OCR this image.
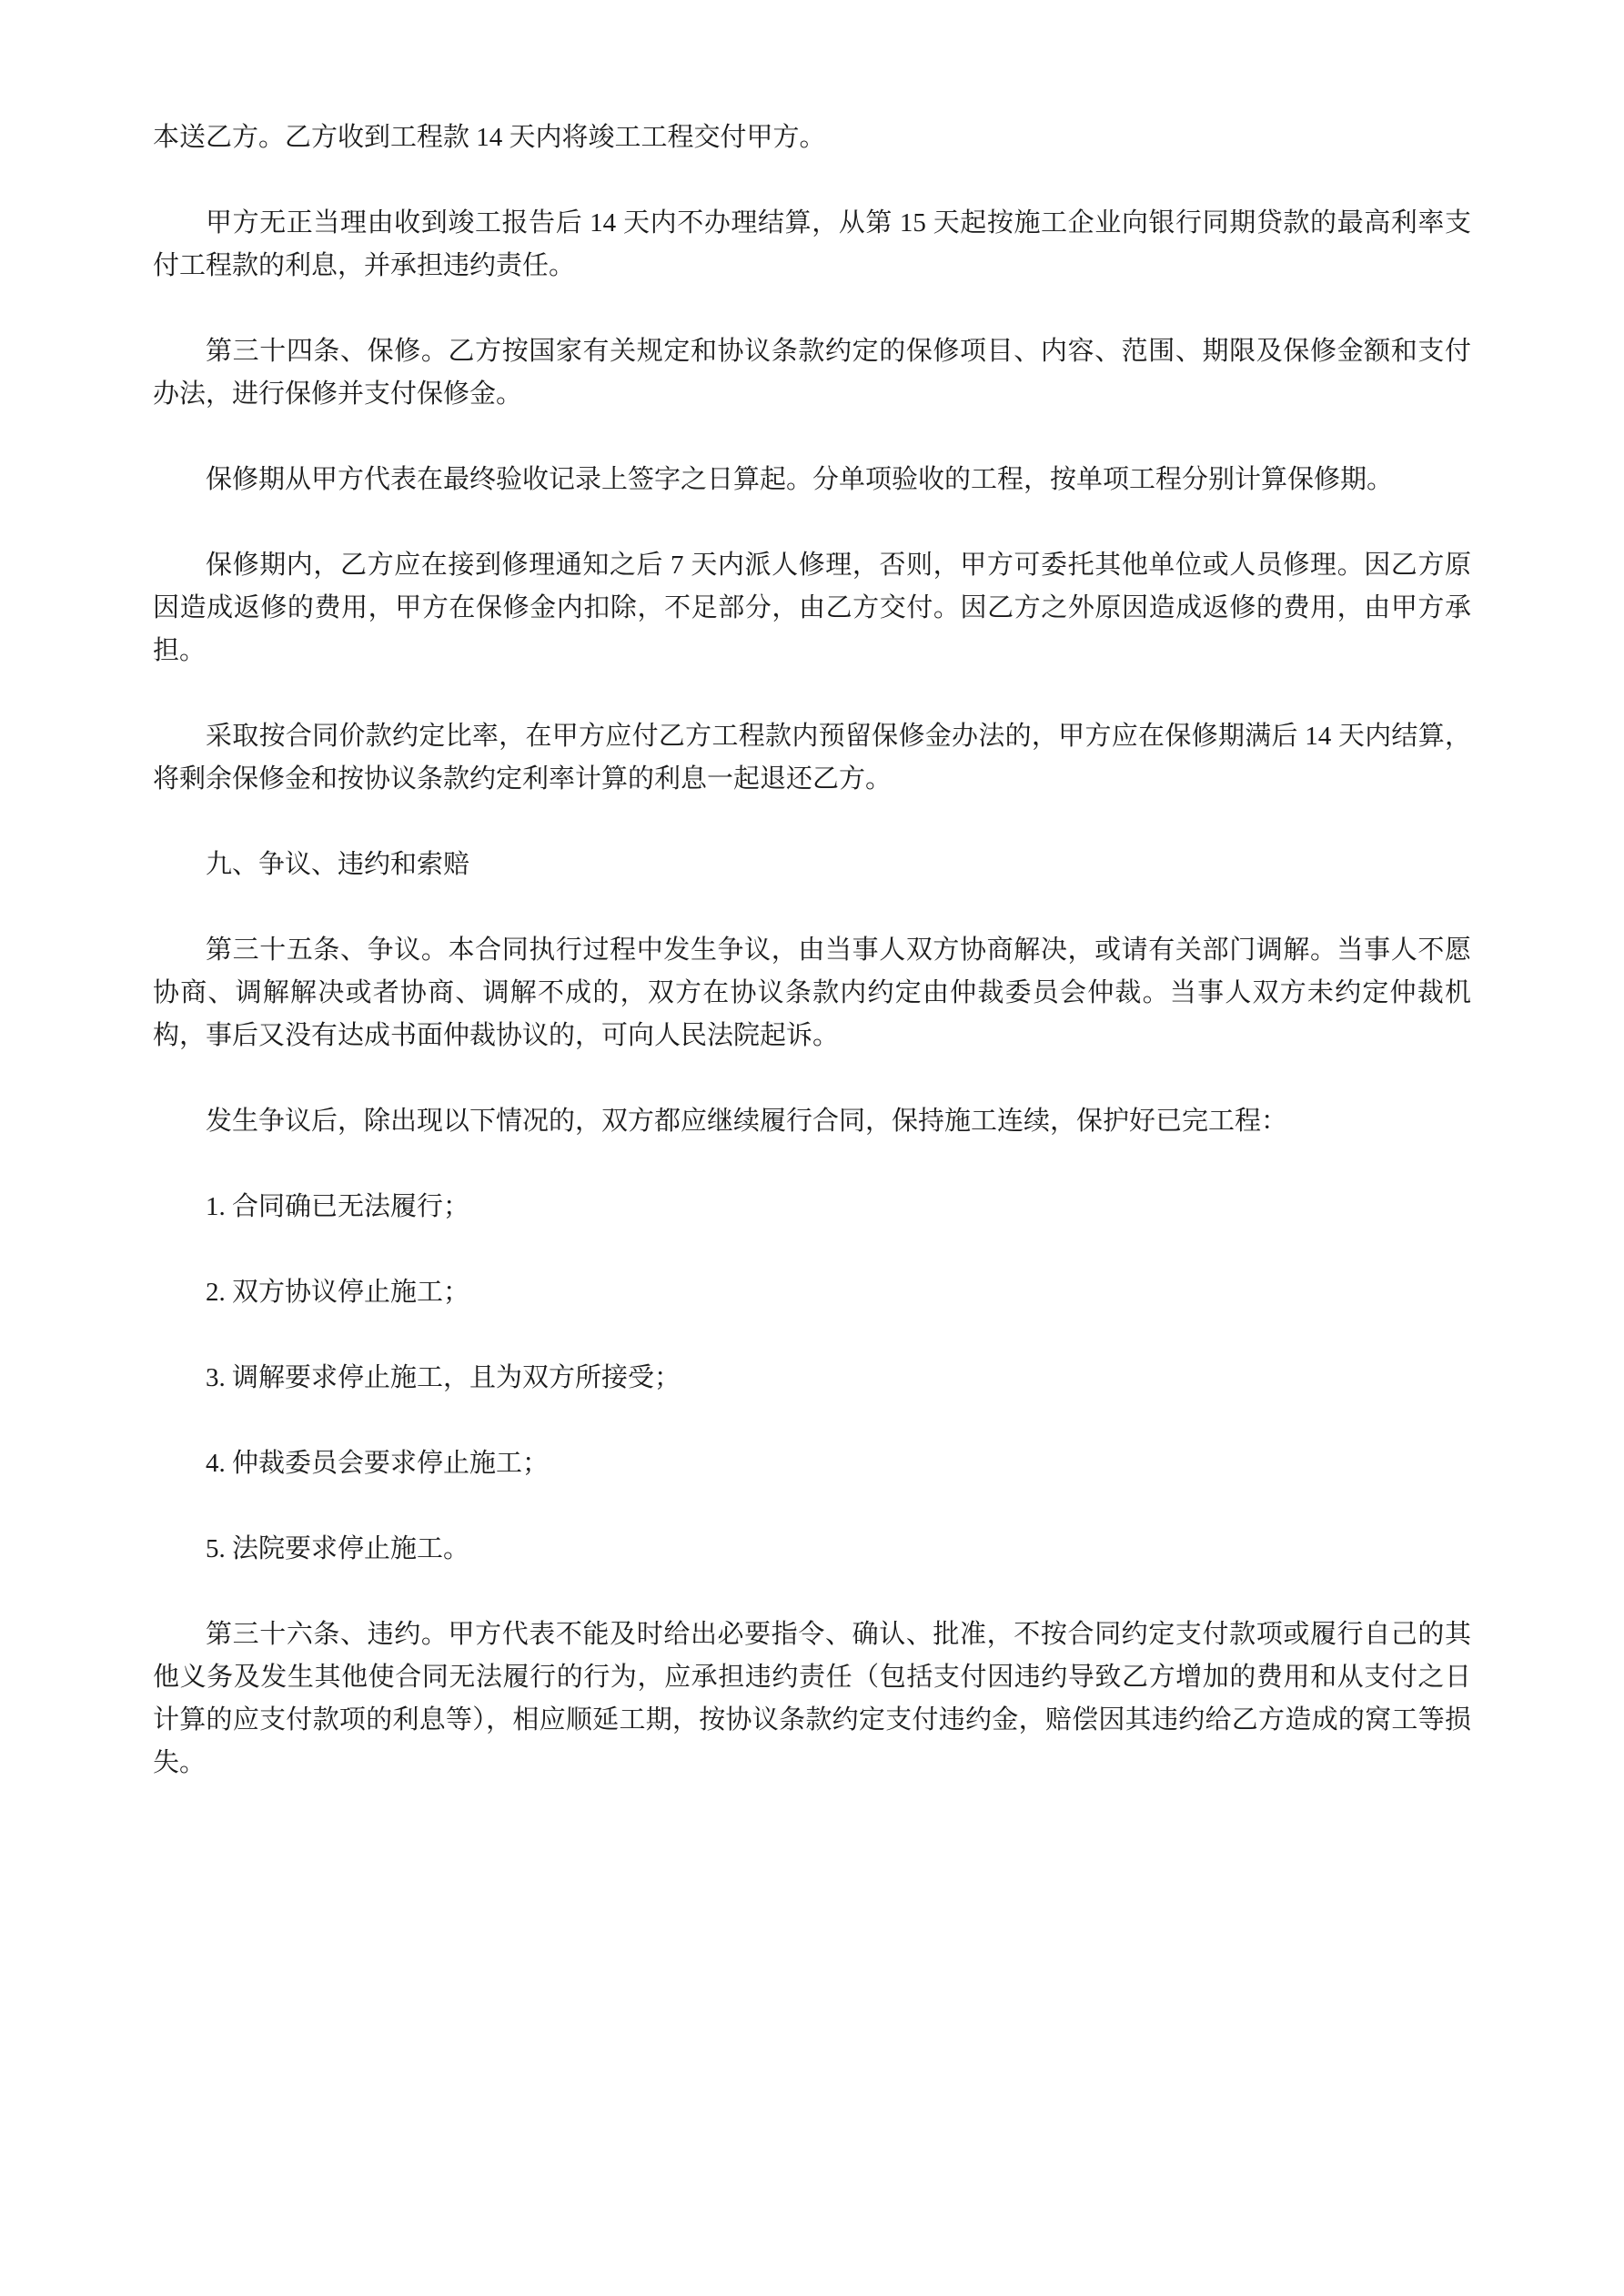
本送乙方。乙方收到工程款 14 天内将竣工工程交付甲方。

甲方无正当理由收到竣工报告后 14 天内不办理结算，从第 15 天起按施工企业向银行同期贷款的最高利率支付工程款的利息，并承担违约责任。

第三十四条、保修。乙方按国家有关规定和协议条款约定的保修项目、内容、范围、期限及保修金额和支付办法，进行保修并支付保修金。

保修期从甲方代表在最终验收记录上签字之日算起。分单项验收的工程，按单项工程分别计算保修期。

保修期内，乙方应在接到修理通知之后 7 天内派人修理，否则，甲方可委托其他单位或人员修理。因乙方原因造成返修的费用，甲方在保修金内扣除，不足部分，由乙方交付。因乙方之外原因造成返修的费用，由甲方承担。

采取按合同价款约定比率，在甲方应付乙方工程款内预留保修金办法的，甲方应在保修期满后 14 天内结算，将剩余保修金和按协议条款约定利率计算的利息一起退还乙方。

九、争议、违约和索赔

第三十五条、争议。本合同执行过程中发生争议，由当事人双方协商解决，或请有关部门调解。当事人不愿协商、调解解决或者协商、调解不成的，双方在协议条款内约定由仲裁委员会仲裁。当事人双方未约定仲裁机构，事后又没有达成书面仲裁协议的，可向人民法院起诉。

发生争议后，除出现以下情况的，双方都应继续履行合同，保持施工连续，保护好已完工程：

1. 合同确已无法履行；

2. 双方协议停止施工；

3. 调解要求停止施工，且为双方所接受；

4. 仲裁委员会要求停止施工；

5. 法院要求停止施工。

第三十六条、违约。甲方代表不能及时给出必要指令、确认、批准，不按合同约定支付款项或履行自己的其他义务及发生其他使合同无法履行的行为，应承担违约责任（包括支付因违约导致乙方增加的费用和从支付之日计算的应支付款项的利息等），相应顺延工期，按协议条款约定支付违约金，赔偿因其违约给乙方造成的窝工等损失。
